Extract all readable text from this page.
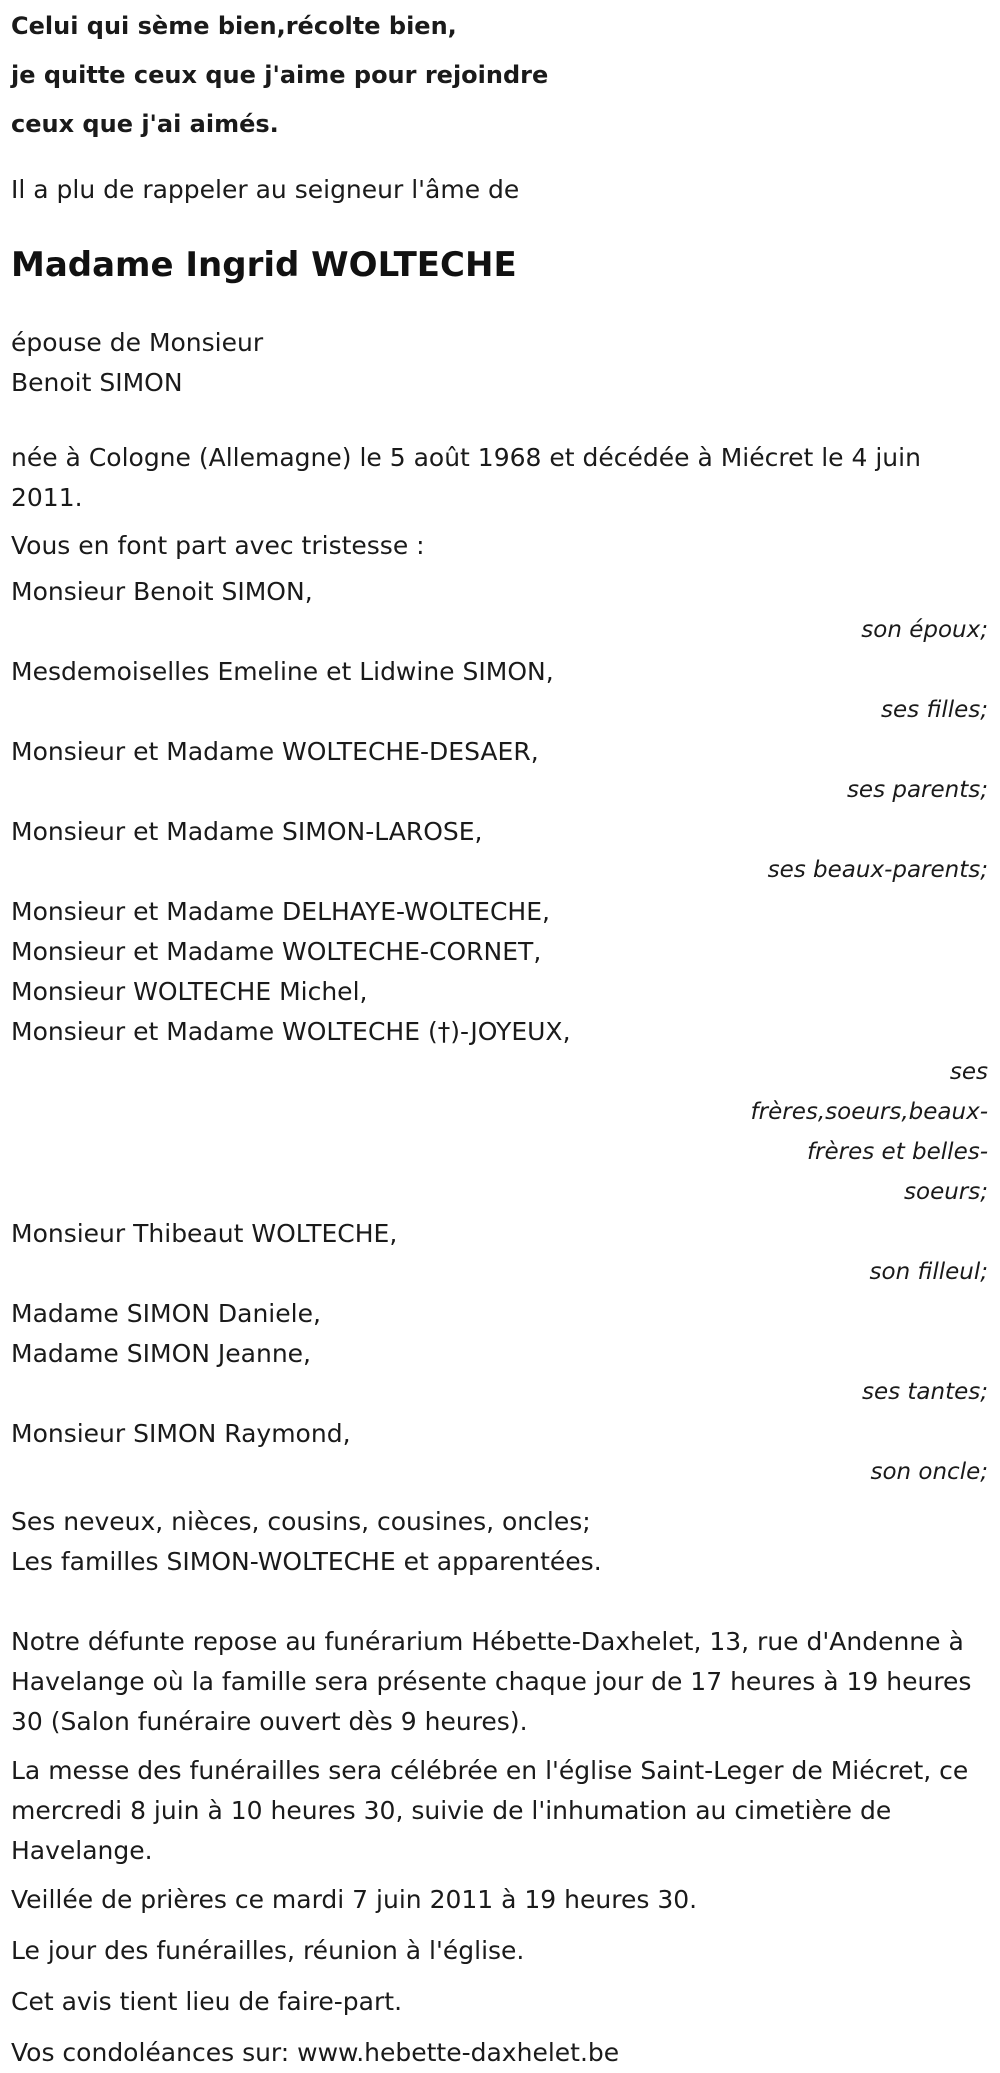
Celui qui sème bien,récolte bien,
je quitte ceux que j'aime pour rejoindre
ceux que j'ai aimés.
Il a plu de rappeler au seigneur l'âme de
Madame Ingrid WOLTECHE
épouse de Monsieur
Benoit SIMON
née à Cologne (Allemagne) le 5 août 1968 et décédée à Miécret le 4 juin 2011.
Vous en font part avec tristesse :
Monsieur Benoit SIMON,
son époux;
Mesdemoiselles Emeline et Lidwine SIMON,
ses filles;
Monsieur et Madame WOLTECHE-DESAER,
ses parents;
Monsieur et Madame SIMON-LAROSE,
ses beaux-parents;
Monsieur et Madame DELHAYE-WOLTECHE,
Monsieur et Madame WOLTECHE-CORNET,
Monsieur WOLTECHE Michel,
Monsieur et Madame WOLTECHE (†)-JOYEUX,
ses frères,soeurs,beaux-frères et belles-soeurs;
Monsieur Thibeaut WOLTECHE,
son filleul;
Madame SIMON Daniele,
Madame SIMON Jeanne,
ses tantes;
Monsieur SIMON Raymond,
son oncle;
Ses neveux, nièces, cousins, cousines, oncles;
Les familles SIMON-WOLTECHE et apparentées.
Notre défunte repose au funérarium Hébette-Daxhelet, 13, rue d'Andenne à Havelange où la famille sera présente chaque jour de 17 heures à 19 heures 30 (Salon funéraire ouvert dès 9 heures).
La messe des funérailles sera célébrée en l'église Saint-Leger de Miécret, ce mercredi 8 juin à 10 heures 30, suivie de l'inhumation au cimetière de Havelange.
Veillée de prières ce mardi 7 juin 2011 à 19 heures 30.
Le jour des funérailles, réunion à l'église.
Cet avis tient lieu de faire-part.
Vos condoléances sur: www.hebette-daxhelet.be
